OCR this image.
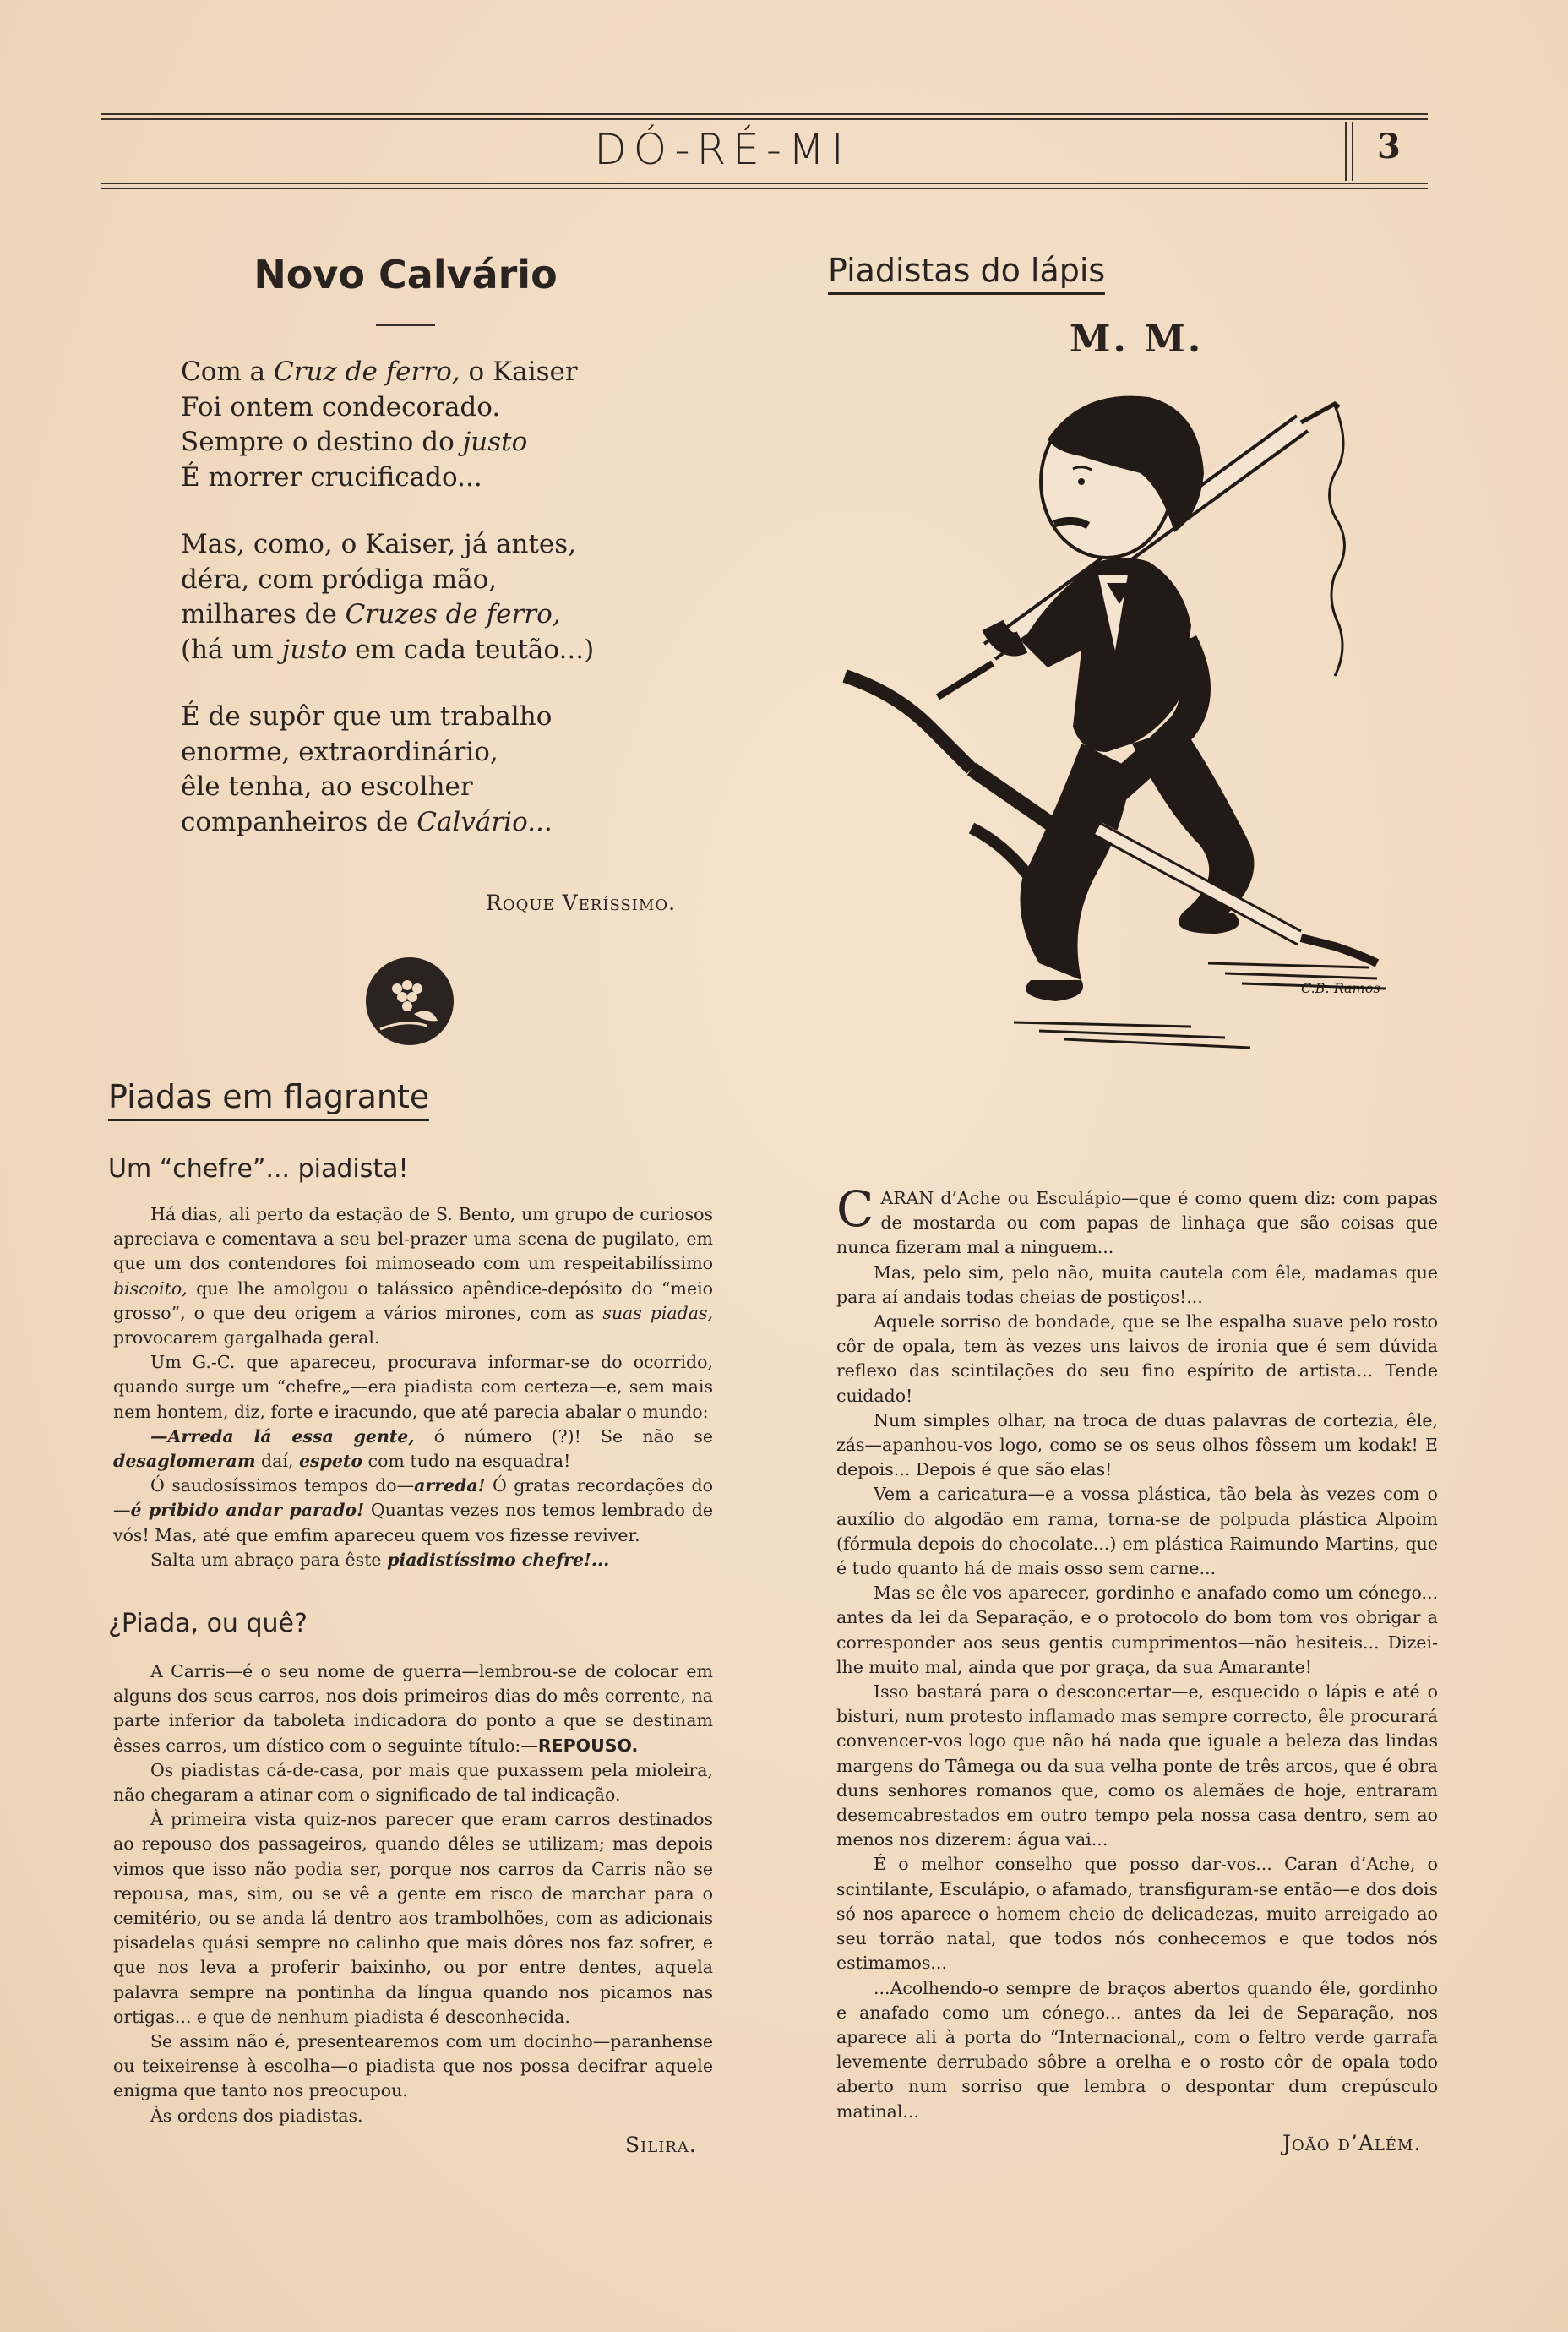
DÓ-RÉ-MI	3
Novo Calvário
Com a Cruz de ferro, o Kaiser
Foi ontem condecorado.
Sempre o destino do justo
É morrer crucificado...
Mas, como, o Kaiser, já antes,
déra, com pródiga mão,
milhares de Cruzes de ferro,
(há um justo em cada teutão...)
É de supôr que um trabalho
enorme, extraordinário,
êle tenha, ao escolher
companheiros de Calvário...
Roque Veríssimo.
Piadas em flagrante
Um “chefre”... piadista!

Há dias, ali perto da estação de S. Bento, um grupo de curiosos apreciava e comentava a seu bel-prazer uma scena de pugilato, em que um dos contendores foi mimoseado com um respeitabilíssimo biscoito, que lhe amolgou o talássico apêndice-depósito do “meio grosso”, o que deu origem a vários mirones, com as suas piadas, provocarem gargalhada geral.

Um G.-C. que apareceu, procurava informar-se do ocorrido, quando surge um “chefre„—era piadista com certeza—e, sem mais nem hontem, diz, forte e iracundo, que até parecia abalar o mundo:

—Arreda lá essa gente, ó número (?)! Se não se desaglomeram daí, espeto com tudo na esquadra!

Ó saudosíssimos tempos do—arreda! Ó gratas recordações do—é pribido andar parado! Quantas vezes nos temos lembrado de vós! Mas, até que emfim apareceu quem vos fizesse reviver.

Salta um abraço para êste piadistíssimo chefre!...

¿Piada, ou quê?

A Carris—é o seu nome de guerra—lembrou-se de colocar em alguns dos seus carros, nos dois primeiros dias do mês corrente, na parte inferior da taboleta indicadora do ponto a que se destinam êsses carros, um dístico com o seguinte título:—REPOUSO.

Os piadistas cá-de-casa, por mais que puxassem pela mioleira, não chegaram a atinar com o significado de tal indicação.

À primeira vista quiz-nos parecer que eram carros destinados ao repouso dos passageiros, quando dêles se utilizam; mas depois vimos que isso não podia ser, porque nos carros da Carris não se repousa, mas, sim, ou se vê a gente em risco de marchar para o cemitério, ou se anda lá dentro aos trambolhões, com as adicionais pisadelas quási sempre no calinho que mais dôres nos faz sofrer, e que nos leva a proferir baixinho, ou por entre dentes, aquela palavra sempre na pontinha da língua quando nos picamos nas ortigas... e que de nenhum piadista é desconhecida.

Se assim não é, presentearemos com um docinho—paranhense ou teixeirense à escolha—o piadista que nos possa decifrar aquele enigma que tanto nos preocupou.

Às ordens dos piadistas.

Silira.
Piadistas do lápis
M. M.
C.B. Ramos

CARAN d’Ache ou Esculápio—que é como quem diz: com papas de mostarda ou com papas de linhaça que são coisas que nunca fizeram mal a ninguem...

Mas, pelo sim, pelo não, muita cautela com êle, madamas que para aí andais todas cheias de postiços!...

Aquele sorriso de bondade, que se lhe espalha suave pelo rosto côr de opala, tem às vezes uns laivos de ironia que é sem dúvida reflexo das scintilações do seu fino espírito de artista... Tende cuidado!

Num simples olhar, na troca de duas palavras de cortezia, êle, zás—apanhou-vos logo, como se os seus olhos fôssem um kodak! E depois... Depois é que são elas!

Vem a caricatura—e a vossa plástica, tão bela às vezes com o auxílio do algodão em rama, torna-se de polpuda plástica Alpoim (fórmula depois do chocolate...) em plástica Raimundo Martins, que é tudo quanto há de mais osso sem carne...

Mas se êle vos aparecer, gordinho e anafado como um cónego... antes da lei da Separação, e o protocolo do bom tom vos obrigar a corresponder aos seus gentis cumprimentos—não hesiteis... Dizei-lhe muito mal, ainda que por graça, da sua Amarante!

Isso bastará para o desconcertar—e, esquecido o lápis e até o bisturi, num protesto inflamado mas sempre correcto, êle procurará convencer-vos logo que não há nada que iguale a beleza das lindas margens do Tâmega ou da sua velha ponte de três arcos, que é obra duns senhores romanos que, como os alemães de hoje, entraram desemcabrestados em outro tempo pela nossa casa dentro, sem ao menos nos dizerem: água vai...

É o melhor conselho que posso dar-vos... Caran d’Ache, o scintilante, Esculápio, o afamado, transfiguram-se então—e dos dois só nos aparece o homem cheio de delicadezas, muito arreigado ao seu torrão natal, que todos nós conhecemos e que todos nós estimamos...

...Acolhendo-o sempre de braços abertos quando êle, gordinho e anafado como um cónego... antes da lei de Separação, nos aparece ali à porta do “Internacional„ com o feltro verde garrafa levemente derrubado sôbre a orelha e o rosto côr de opala todo aberto num sorriso que lembra o despontar dum crepúsculo matinal...

João d’Além.
